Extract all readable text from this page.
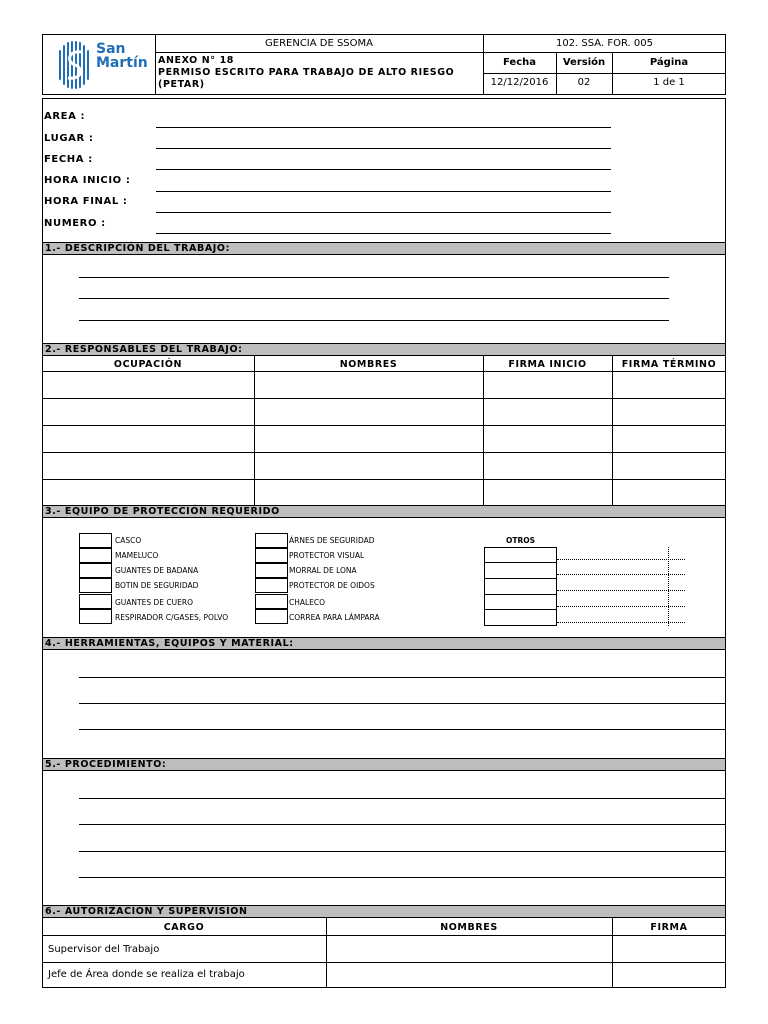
San
Martín
GERENCIA DE SSOMA	102. SSA. FOR. 005
ANEXO N° 18
PERMISO ESCRITO PARA TRABAJO DE ALTO RIESGO
(PETAR)
Fecha	Versión	Página
12/12/2016	02	1 de 1
AREA :
LUGAR :
FECHA :
HORA INICIO :
HORA FINAL :
NUMERO :
1.- DESCRIPCIÓN DEL TRABAJO:
2.- RESPONSABLES DEL TRABAJO:
OCUPACIÓN	NOMBRES	FIRMA INICIO	FIRMA TÉRMINO
3.- EQUIPO DE PROTECCIÓN REQUERIDO
CASCO
MAMELUCO
GUANTES DE BADANA
BOTIN DE SEGURIDAD
GUANTES DE CUERO
RESPIRADOR C/GASES, POLVO
ÁRNES DE SEGURIDAD
PROTECTOR VISUAL
MORRAL DE LONA
PROTECTOR DE OIDOS
CHALECO
CORREA PARA LÁMPARA
OTROS
4.- HERRAMIENTAS, EQUIPOS Y MATERIAL:
5.- PROCEDIMIENTO:
6.- AUTORIZACION Y SUPERVISION
CARGO	NOMBRES	FIRMA
Supervisor del Trabajo
Jefe de Área donde se realiza el trabajo
